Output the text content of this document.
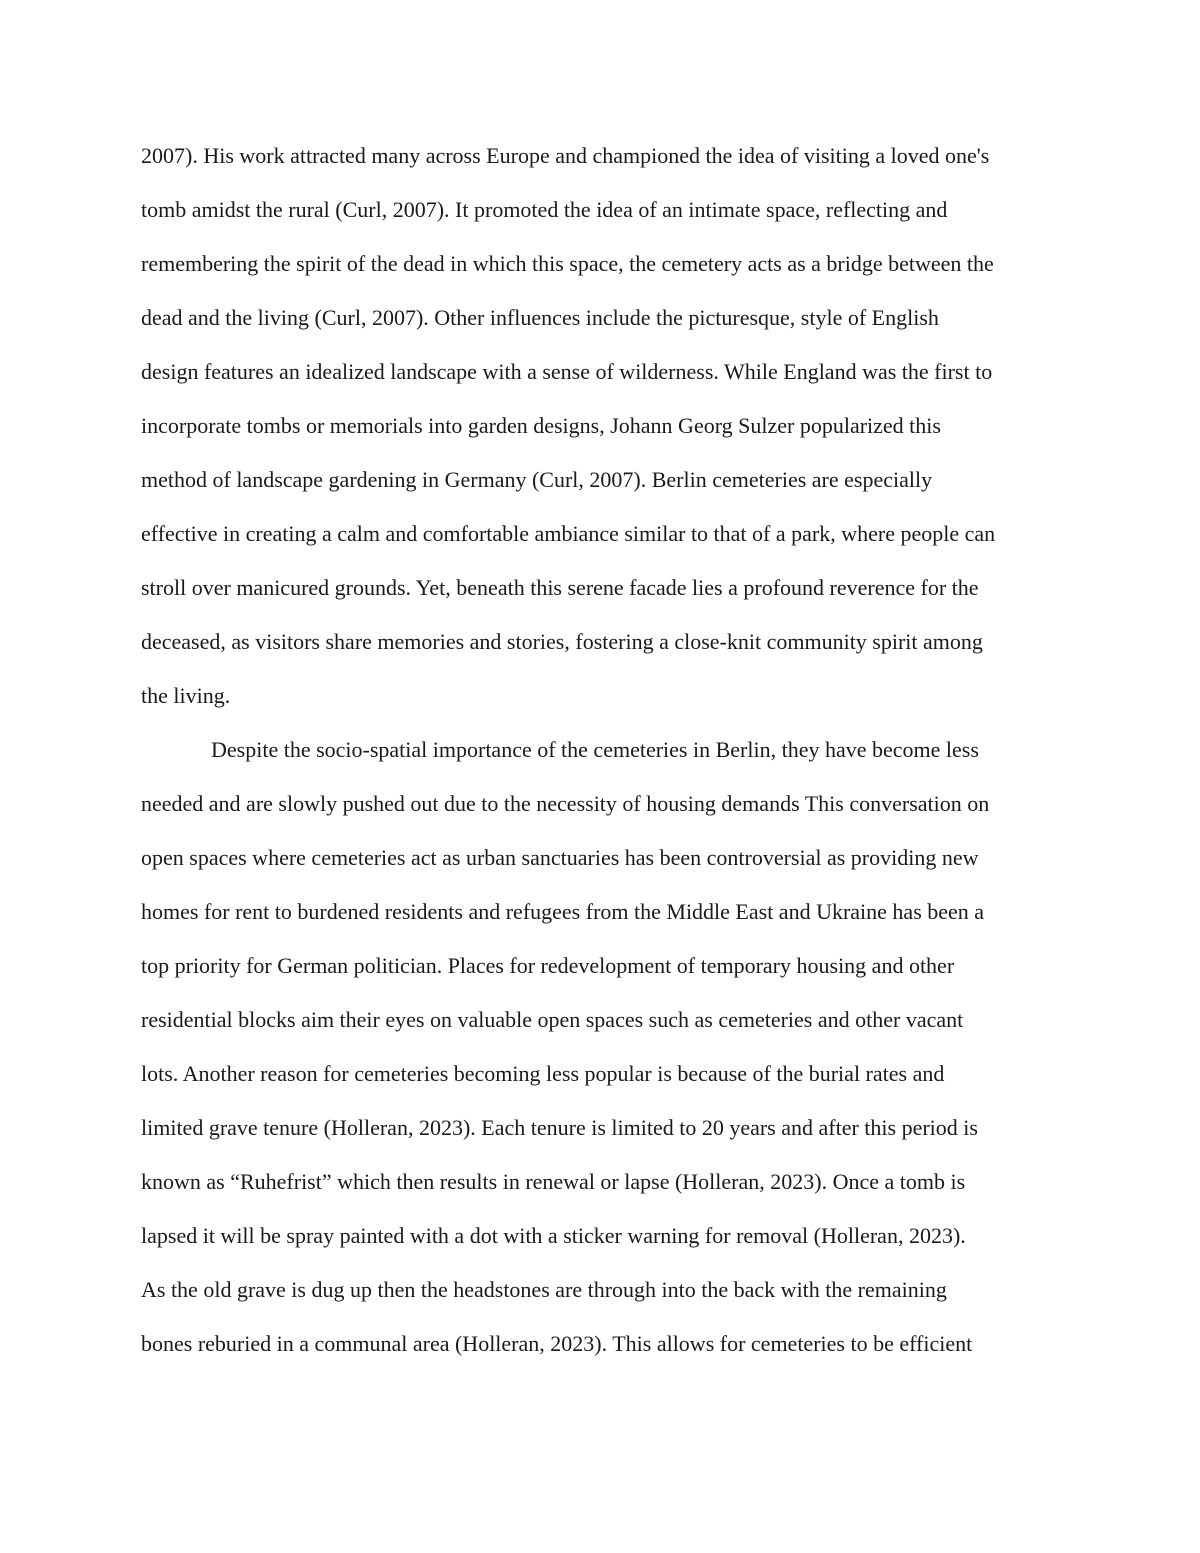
2007). His work attracted many across Europe and championed the idea of visiting a loved one's
tomb amidst the rural (Curl, 2007). It promoted the idea of an intimate space, reflecting and
remembering the spirit of the dead in which this space, the cemetery acts as a bridge between the
dead and the living (Curl, 2007). Other influences include the picturesque, style of English
design features an idealized landscape with a sense of wilderness. While England was the first to
incorporate tombs or memorials into garden designs, Johann Georg Sulzer popularized this
method of landscape gardening in Germany (Curl, 2007). Berlin cemeteries are especially
effective in creating a calm and comfortable ambiance similar to that of a park, where people can
stroll over manicured grounds. Yet, beneath this serene facade lies a profound reverence for the
deceased, as visitors share memories and stories, fostering a close-knit community spirit among
the living.
Despite the socio-spatial importance of the cemeteries in Berlin, they have become less
needed and are slowly pushed out due to the necessity of housing demands This conversation on
open spaces where cemeteries act as urban sanctuaries has been controversial as providing new
homes for rent to burdened residents and refugees from the Middle East and Ukraine has been a
top priority for German politician. Places for redevelopment of temporary housing and other
residential blocks aim their eyes on valuable open spaces such as cemeteries and other vacant
lots. Another reason for cemeteries becoming less popular is because of the burial rates and
limited grave tenure (Holleran, 2023). Each tenure is limited to 20 years and after this period is
known as “Ruhefrist” which then results in renewal or lapse (Holleran, 2023). Once a tomb is
lapsed it will be spray painted with a dot with a sticker warning for removal (Holleran, 2023).
As the old grave is dug up then the headstones are through into the back with the remaining
bones reburied in a communal area (Holleran, 2023). This allows for cemeteries to be efficient
